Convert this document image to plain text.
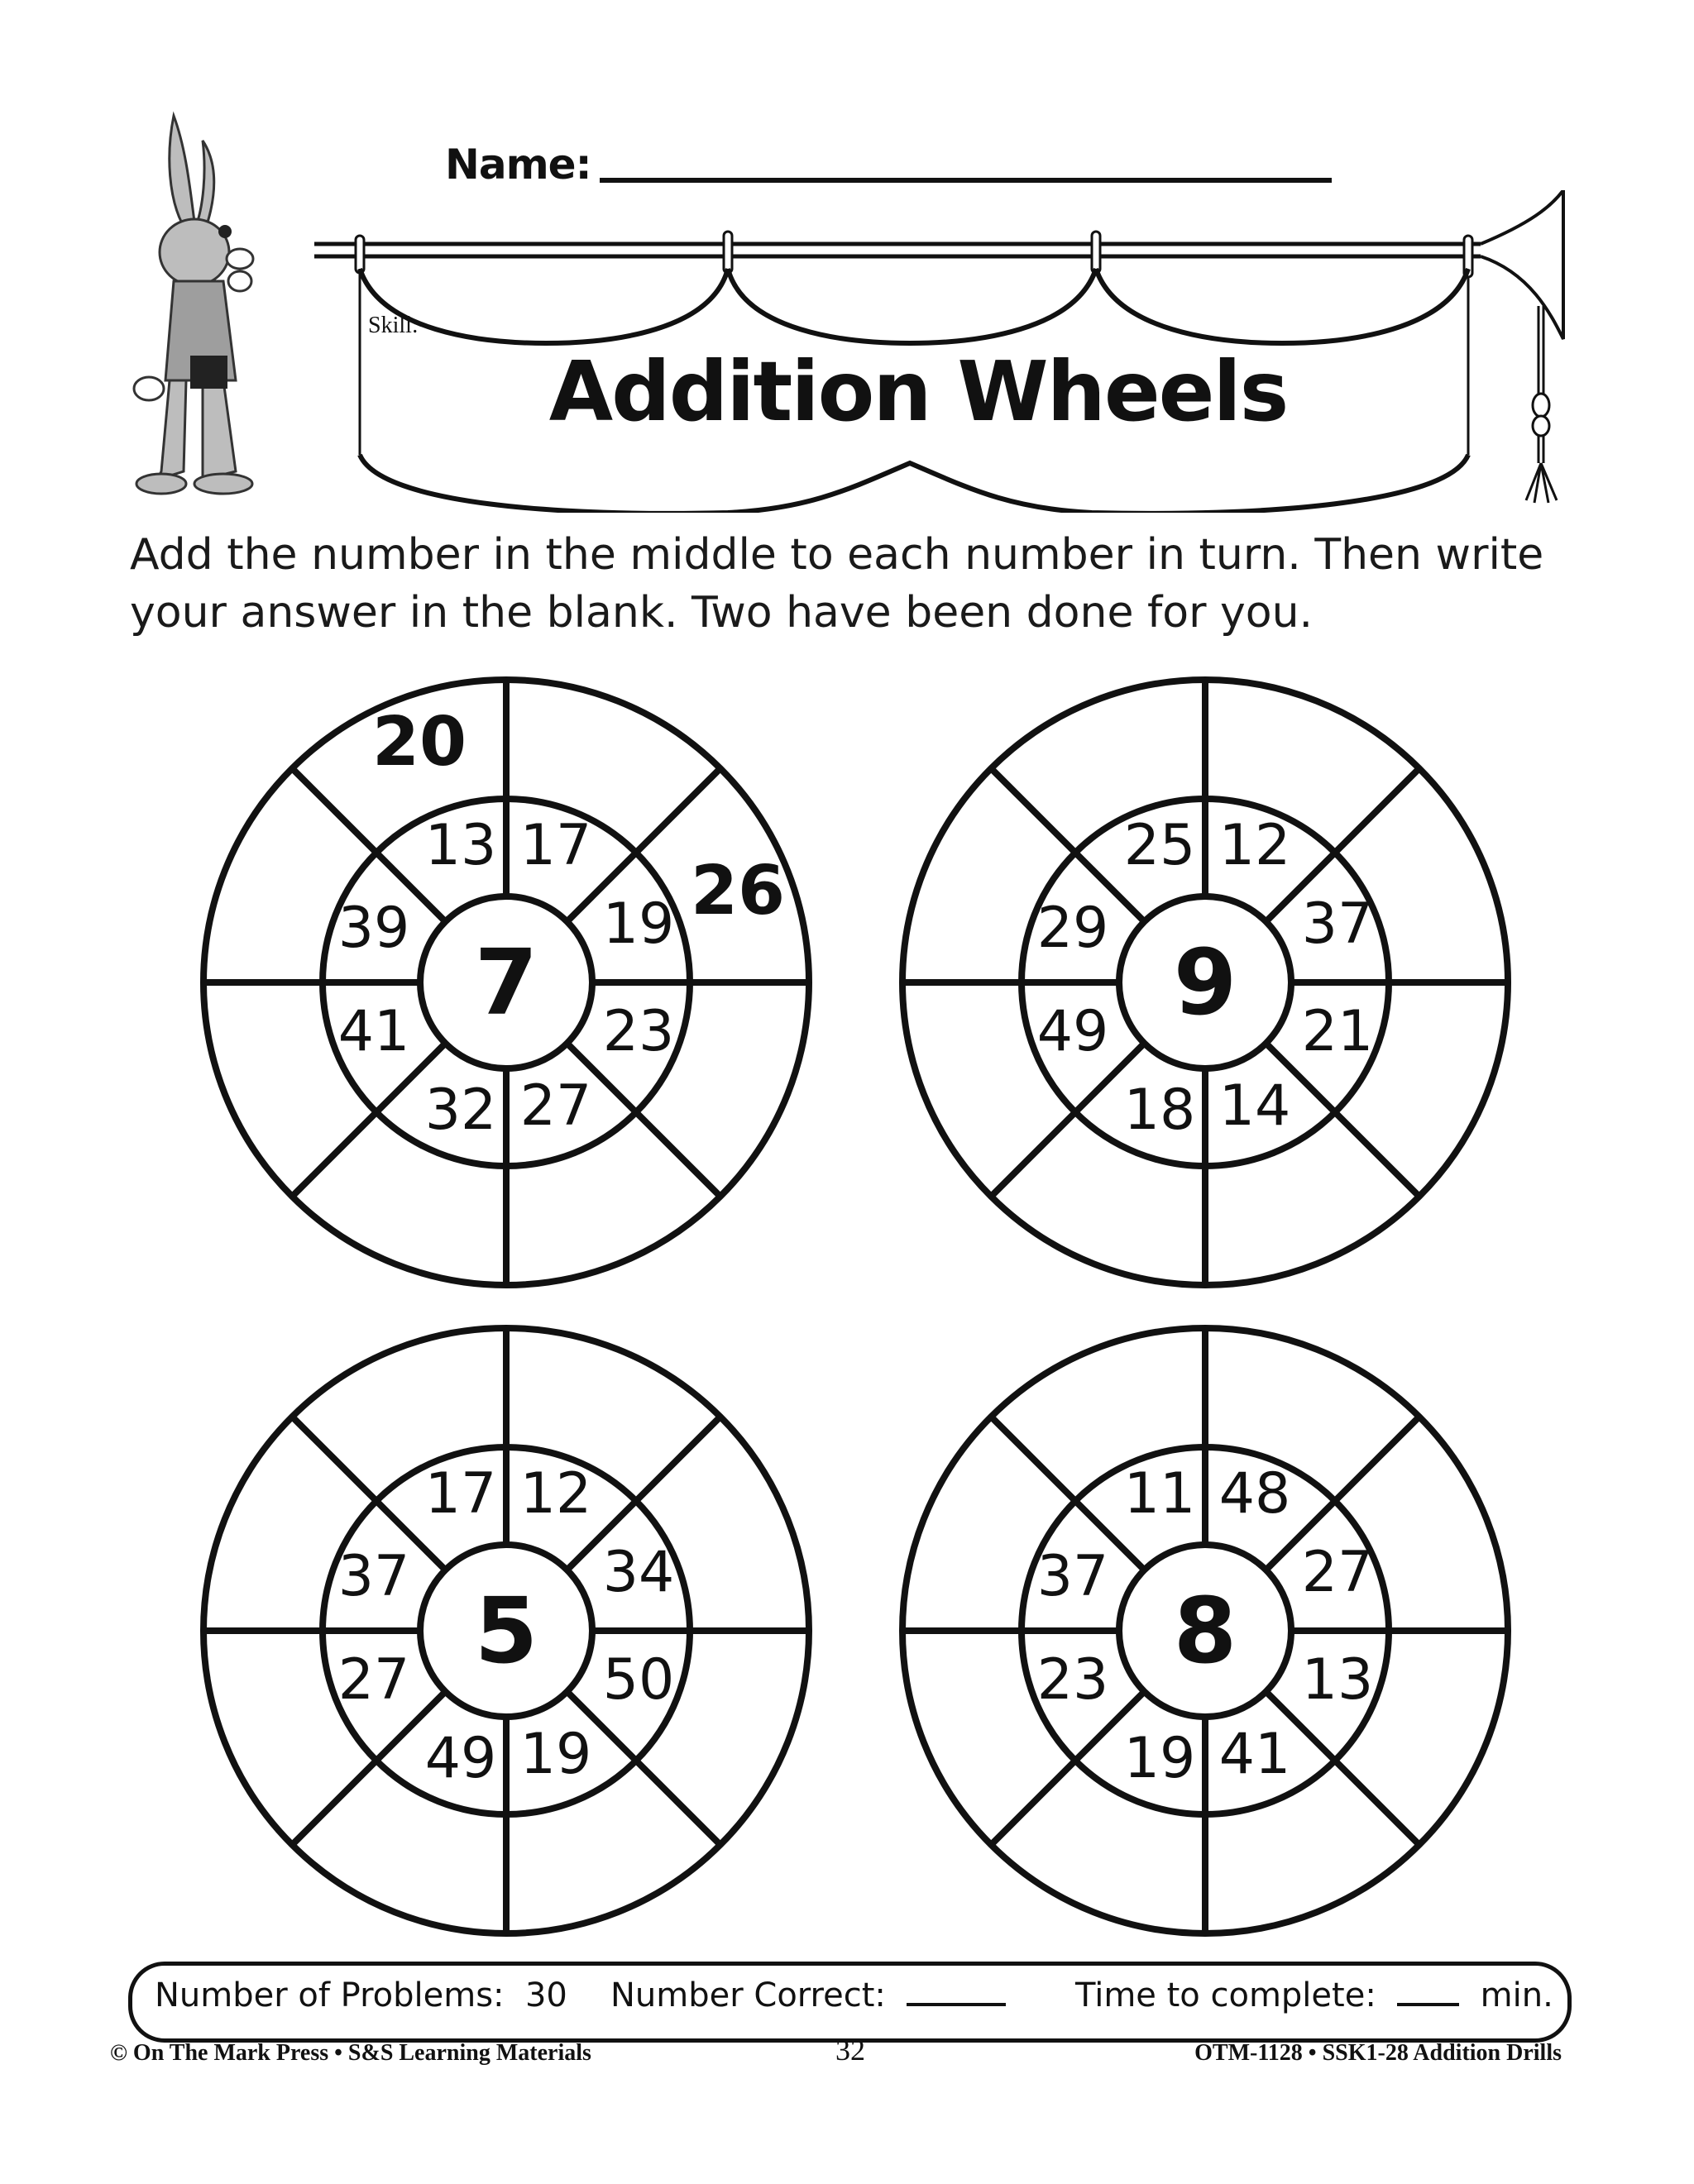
Name:
Skill:
Addition Wheels
Add the number in the middle to each number in turn. Then write your answer in the blank. Two have been done for you.
7
13 17
19
23
27
32
41
39
20
26
9
25 12
37
21
14
18
49
29
5
17 12
34
50
19
49
27
37
8
11 48
27
13
41
19
23
37
Number of Problems: 30 Number Correct:	Time to complete:	min.
© On The Mark Press • S&S Learning Materials	32	OTM-1128 • SSK1-28 Addition Drills
